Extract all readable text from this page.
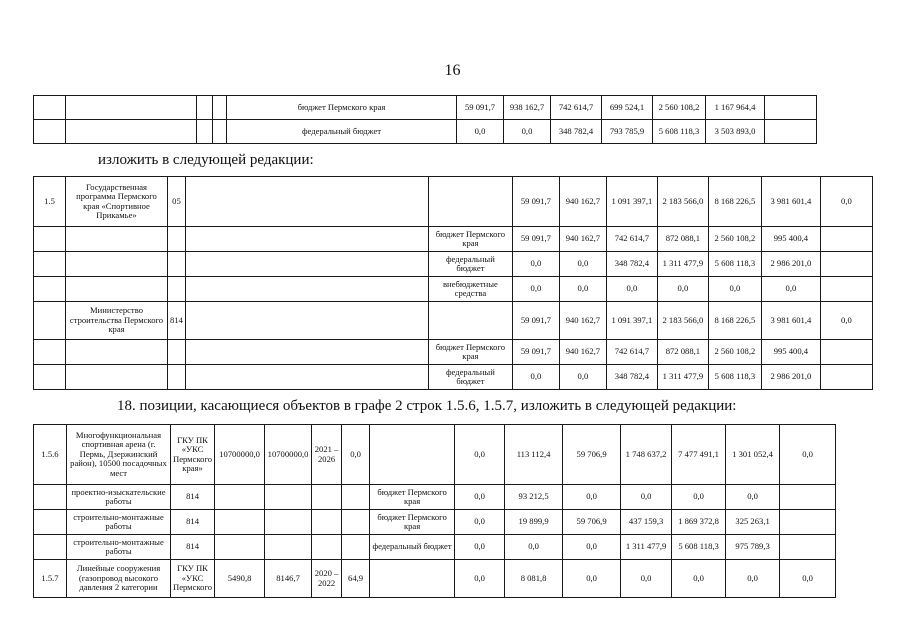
16
				бюджет Пермского края	59 091,7	938 162,7	742 614,7	699 524,1	2 560 108,2	1 167 964,4	
				федеральный бюджет	0,0	0,0	348 782,4	793 785,9	5 608 118,3	3 503 893,0	
изложить в следующей редакции:
1.5	Государственная программа Пермского края «Спортивное Прикамье»	05			59 091,7	940 162,7	1 091 397,1	2 183 566,0	8 168 226,5	3 981 601,4	0,0
				бюджет Пермского края	59 091,7	940 162,7	742 614,7	872 088,1	2 560 108,2	995 400,4	
				федеральный бюджет	0,0	0,0	348 782,4	1 311 477,9	5 608 118,3	2 986 201,0	
				внебюджетные средства	0,0	0,0	0,0	0,0	0,0	0,0	
	Министерство строительства Пермского края	814			59 091,7	940 162,7	1 091 397,1	2 183 566,0	8 168 226,5	3 981 601,4	0,0
				бюджет Пермского края	59 091,7	940 162,7	742 614,7	872 088,1	2 560 108,2	995 400,4	
				федеральный бюджет	0,0	0,0	348 782,4	1 311 477,9	5 608 118,3	2 986 201,0	
18. позиции, касающиеся объектов в графе 2 строк 1.5.6, 1.5.7, изложить в следующей редакции:
1.5.6	Многофункциональная спортивная арена (г. Пермь, Дзержинский район), 10500 посадочных мест	ГКУ ПК «УКС Пермского края»	10700000,0	10700000,0	2021 – 2026	0,0		0,0	113 112,4	59 706,9	1 748 637,2	7 477 491,1	1 301 052,4	0,0
	проектно-изыскательские работы	814					бюджет Пермского края	0,0	93 212,5	0,0	0,0	0,0	0,0	
	строительно-монтажные работы	814					бюджет Пермского края	0,0	19 899,9	59 706,9	437 159,3	1 869 372,8	325 263,1	
	строительно-монтажные работы	814					федеральный бюджет	0,0	0,0	0,0	1 311 477,9	5 608 118,3	975 789,3	
1.5.7	Линейные сооружения (газопровод высокого давления 2 категории	ГКУ ПК «УКС Пермского	5490,8	8146,7	2020 – 2022	64,9		0,0	8 081,8	0,0	0,0	0,0	0,0	0,0
